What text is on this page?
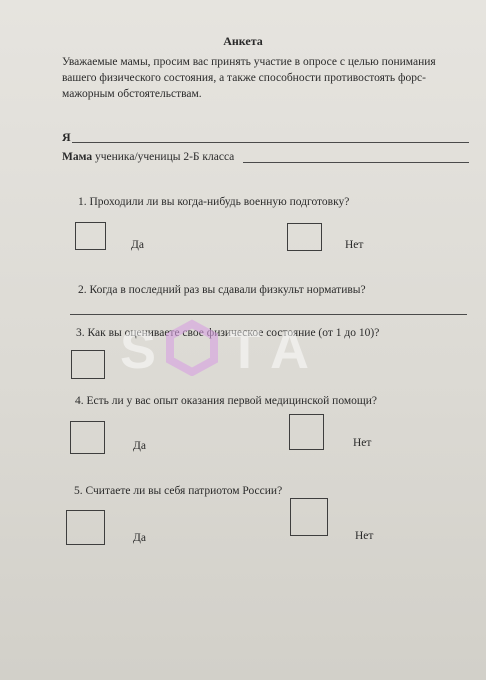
Анкета
Уважаемые мамы, просим вас принять участие в опросе с целью понимания вашего физического состояния, а также способности противостоять форс-мажорным обстоятельствам.
Я
Мама ученика/ученицы 2-Б класса
1. Проходили ли вы когда-нибудь военную подготовку?
Да	Нет
2. Когда в последний раз вы сдавали физкульт нормативы?
3. Как вы оцениваете свое физическое состояние (от 1 до 10)?
4. Есть ли у вас опыт оказания первой медицинской помощи?
Да	Нет
5. Считаете ли вы себя патриотом России?
Да	Нет
S T A
